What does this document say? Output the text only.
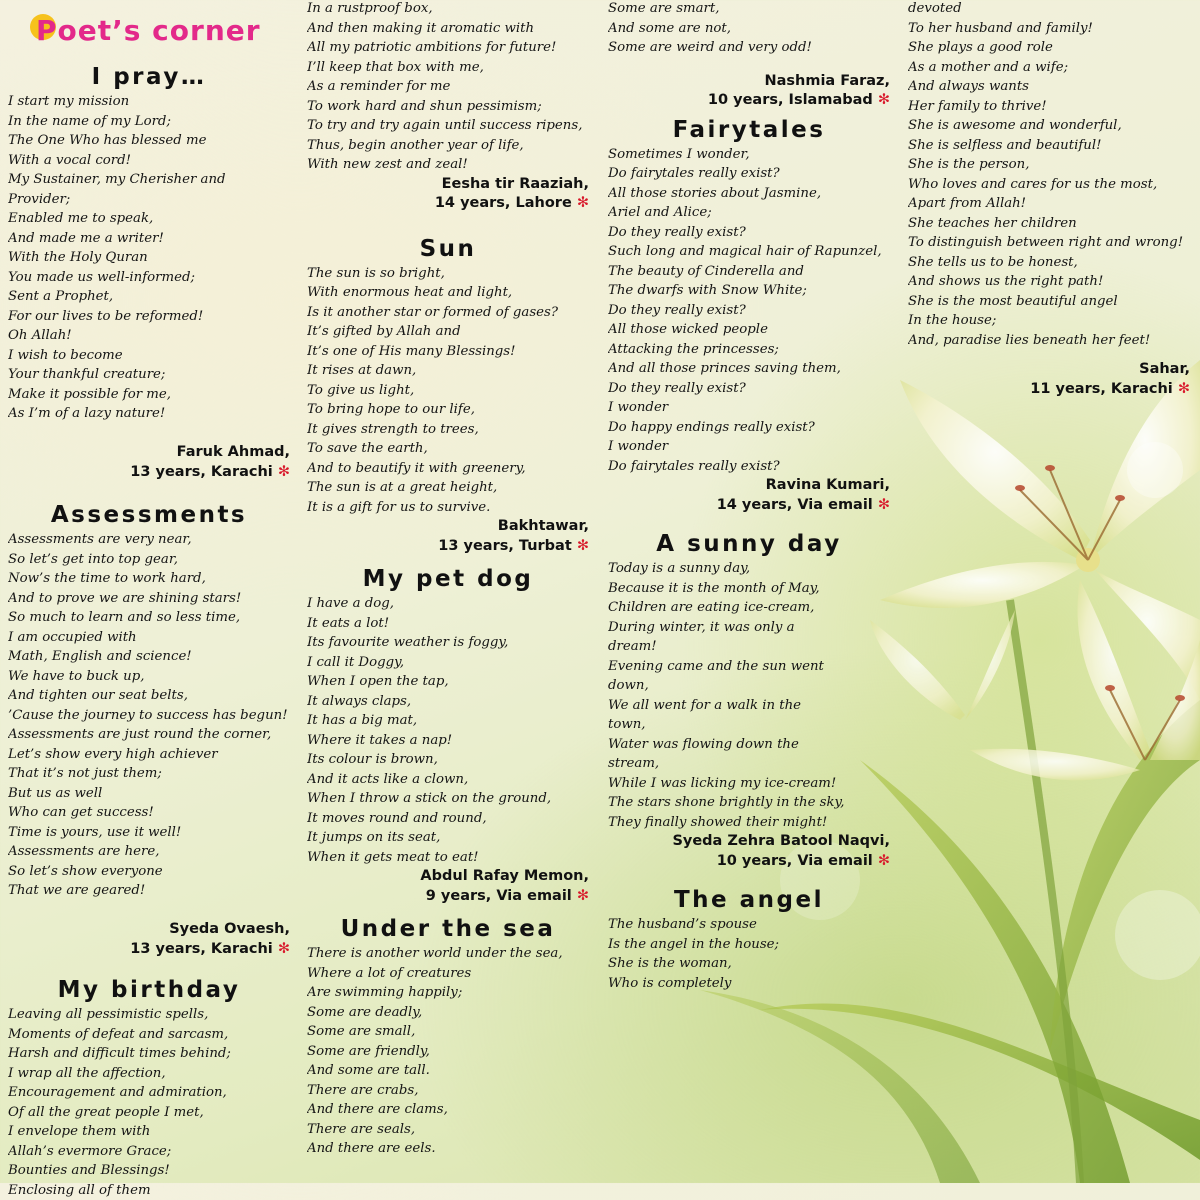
Poet’s corner
I pray…
I start my mission
In the name of my Lord;
The One Who has blessed me
With a vocal cord!
My Sustainer, my Cherisher and
Provider;
Enabled me to speak,
And made me a writer!
With the Holy Quran
You made us well-informed;
Sent a Prophet,
For our lives to be reformed!
Oh Allah!
I wish to become
Your thankful creature;
Make it possible for me,
As I’m of a lazy nature!
Faruk Ahmad,
13 years, Karachi ✻
Assessments
Assessments are very near,
So let’s get into top gear,
Now’s the time to work hard,
And to prove we are shining stars!
So much to learn and so less time,
I am occupied with
Math, English and science!
We have to buck up,
And tighten our seat belts,
’Cause the journey to success has begun!
Assessments are just round the corner,
Let’s show every high achiever
That it’s not just them;
But us as well
Who can get success!
Time is yours, use it well!
Assessments are here,
So let’s show everyone
That we are geared!
Syeda Ovaesh,
13 years, Karachi ✻
My birthday
Leaving all pessimistic spells,
Moments of defeat and sarcasm,
Harsh and difficult times behind;
I wrap all the affection,
Encouragement and admiration,
Of all the great people I met,
I envelope them with
Allah’s evermore Grace;
Bounties and Blessings!
Enclosing all of them
In a rustproof box,
And then making it aromatic with
All my patriotic ambitions for future!
I’ll keep that box with me,
As a reminder for me
To work hard and shun pessimism;
To try and try again until success ripens,
Thus, begin another year of life,
With new zest and zeal!
Eesha tir Raaziah,
14 years, Lahore ✻
Sun
The sun is so bright,
With enormous heat and light,
Is it another star or formed of gases?
It’s gifted by Allah and
It’s one of His many Blessings!
It rises at dawn,
To give us light,
To bring hope to our life,
It gives strength to trees,
To save the earth,
And to beautify it with greenery,
The sun is at a great height,
It is a gift for us to survive.
Bakhtawar,
13 years, Turbat ✻
My pet dog
I have a dog,
It eats a lot!
Its favourite weather is foggy,
I call it Doggy,
When I open the tap,
It always claps,
It has a big mat,
Where it takes a nap!
Its colour is brown,
And it acts like a clown,
When I throw a stick on the ground,
It moves round and round,
It jumps on its seat,
When it gets meat to eat!
Abdul Rafay Memon,
9 years, Via email ✻
Under the sea
There is another world under the sea,
Where a lot of creatures
Are swimming happily;
Some are deadly,
Some are small,
Some are friendly,
And some are tall.
There are crabs,
And there are clams,
There are seals,
And there are eels.
Some are smart,
And some are not,
Some are weird and very odd!
Nashmia Faraz,
10 years, Islamabad ✻
Fairytales
Sometimes I wonder,
Do fairytales really exist?
All those stories about Jasmine,
Ariel and Alice;
Do they really exist?
Such long and magical hair of Rapunzel,
The beauty of Cinderella and
The dwarfs with Snow White;
Do they really exist?
All those wicked people
Attacking the princesses;
And all those princes saving them,
Do they really exist?
I wonder
Do happy endings really exist?
I wonder
Do fairytales really exist?
Ravina Kumari,
14 years, Via email ✻
A sunny day
Today is a sunny day,
Because it is the month of May,
Children are eating ice-cream,
During winter, it was only a
dream!
Evening came and the sun went
down,
We all went for a walk in the
town,
Water was flowing down the
stream,
While I was licking my ice-cream!
The stars shone brightly in the sky,
They finally showed their might!
Syeda Zehra Batool Naqvi,
10 years, Via email ✻
The angel
The husband’s spouse
Is the angel in the house;
She is the woman,
Who is completely
devoted
To her husband and family!
She plays a good role
As a mother and a wife;
And always wants
Her family to thrive!
She is awesome and wonderful,
She is selfless and beautiful!
She is the person,
Who loves and cares for us the most,
Apart from Allah!
She teaches her children
To distinguish between right and wrong!
She tells us to be honest,
And shows us the right path!
She is the most beautiful angel
In the house;
And, paradise lies beneath her feet!
Sahar,
11 years, Karachi ✻
